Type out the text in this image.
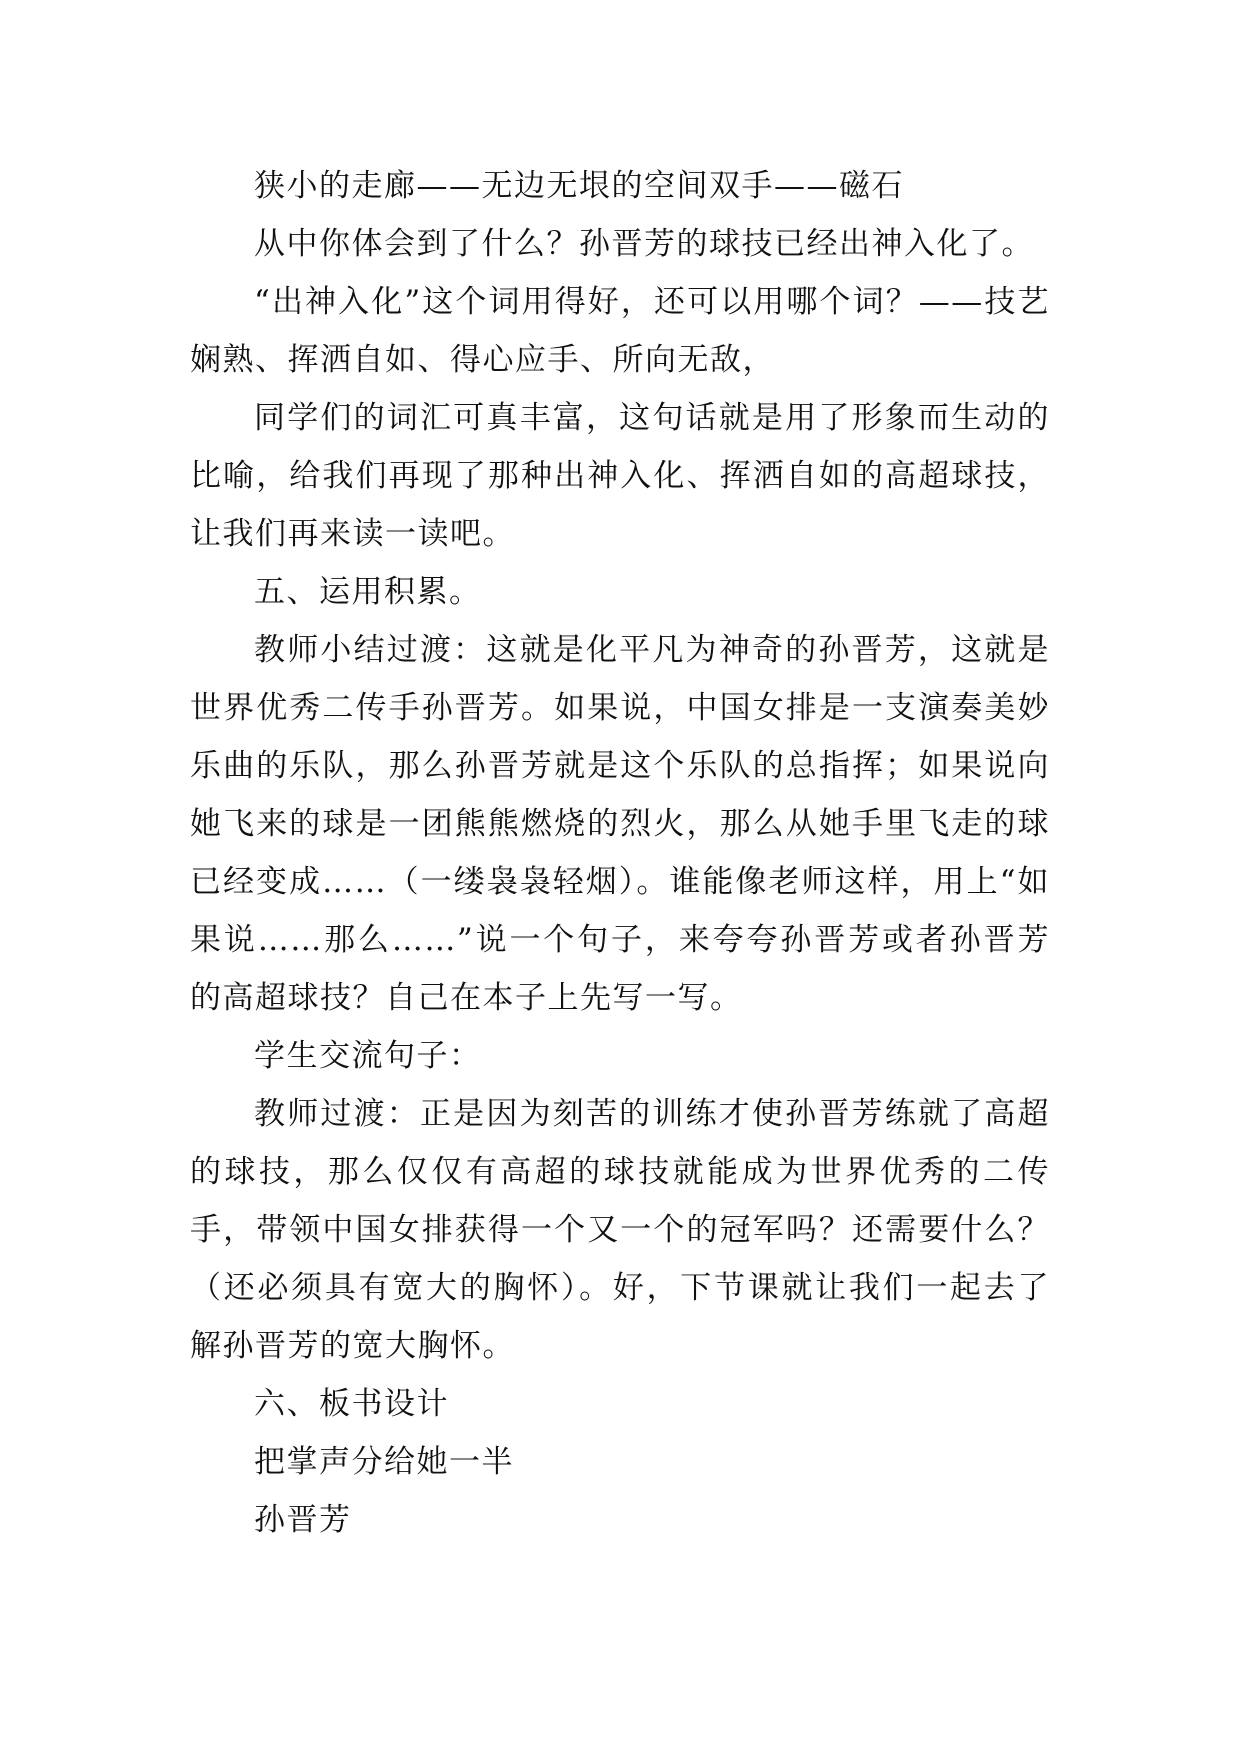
狭小的走廊——无边无垠的空间双手——磁石

从中你体会到了什么？孙晋芳的球技已经出神入化了。

“出神入化”这个词用得好，还可以用哪个词？——技艺娴熟、挥洒自如、得心应手、所向无敌，

同学们的词汇可真丰富，这句话就是用了形象而生动的比喻，给我们再现了那种出神入化、挥洒自如的高超球技，让我们再来读一读吧。

五、运用积累。

教师小结过渡：这就是化平凡为神奇的孙晋芳，这就是世界优秀二传手孙晋芳。如果说，中国女排是一支演奏美妙乐曲的乐队，那么孙晋芳就是这个乐队的总指挥；如果说向她飞来的球是一团熊熊燃烧的烈火，那么从她手里飞走的球已经变成……（一缕袅袅轻烟）。谁能像老师这样，用上“如果说……那么……”说一个句子，来夸夸孙晋芳或者孙晋芳的高超球技？自己在本子上先写一写。

学生交流句子：

教师过渡：正是因为刻苦的训练才使孙晋芳练就了高超的球技，那么仅仅有高超的球技就能成为世界优秀的二传手，带领中国女排获得一个又一个的冠军吗？还需要什么？（还必须具有宽大的胸怀）。好，下节课就让我们一起去了解孙晋芳的宽大胸怀。

六、板书设计

把掌声分给她一半

孙晋芳
